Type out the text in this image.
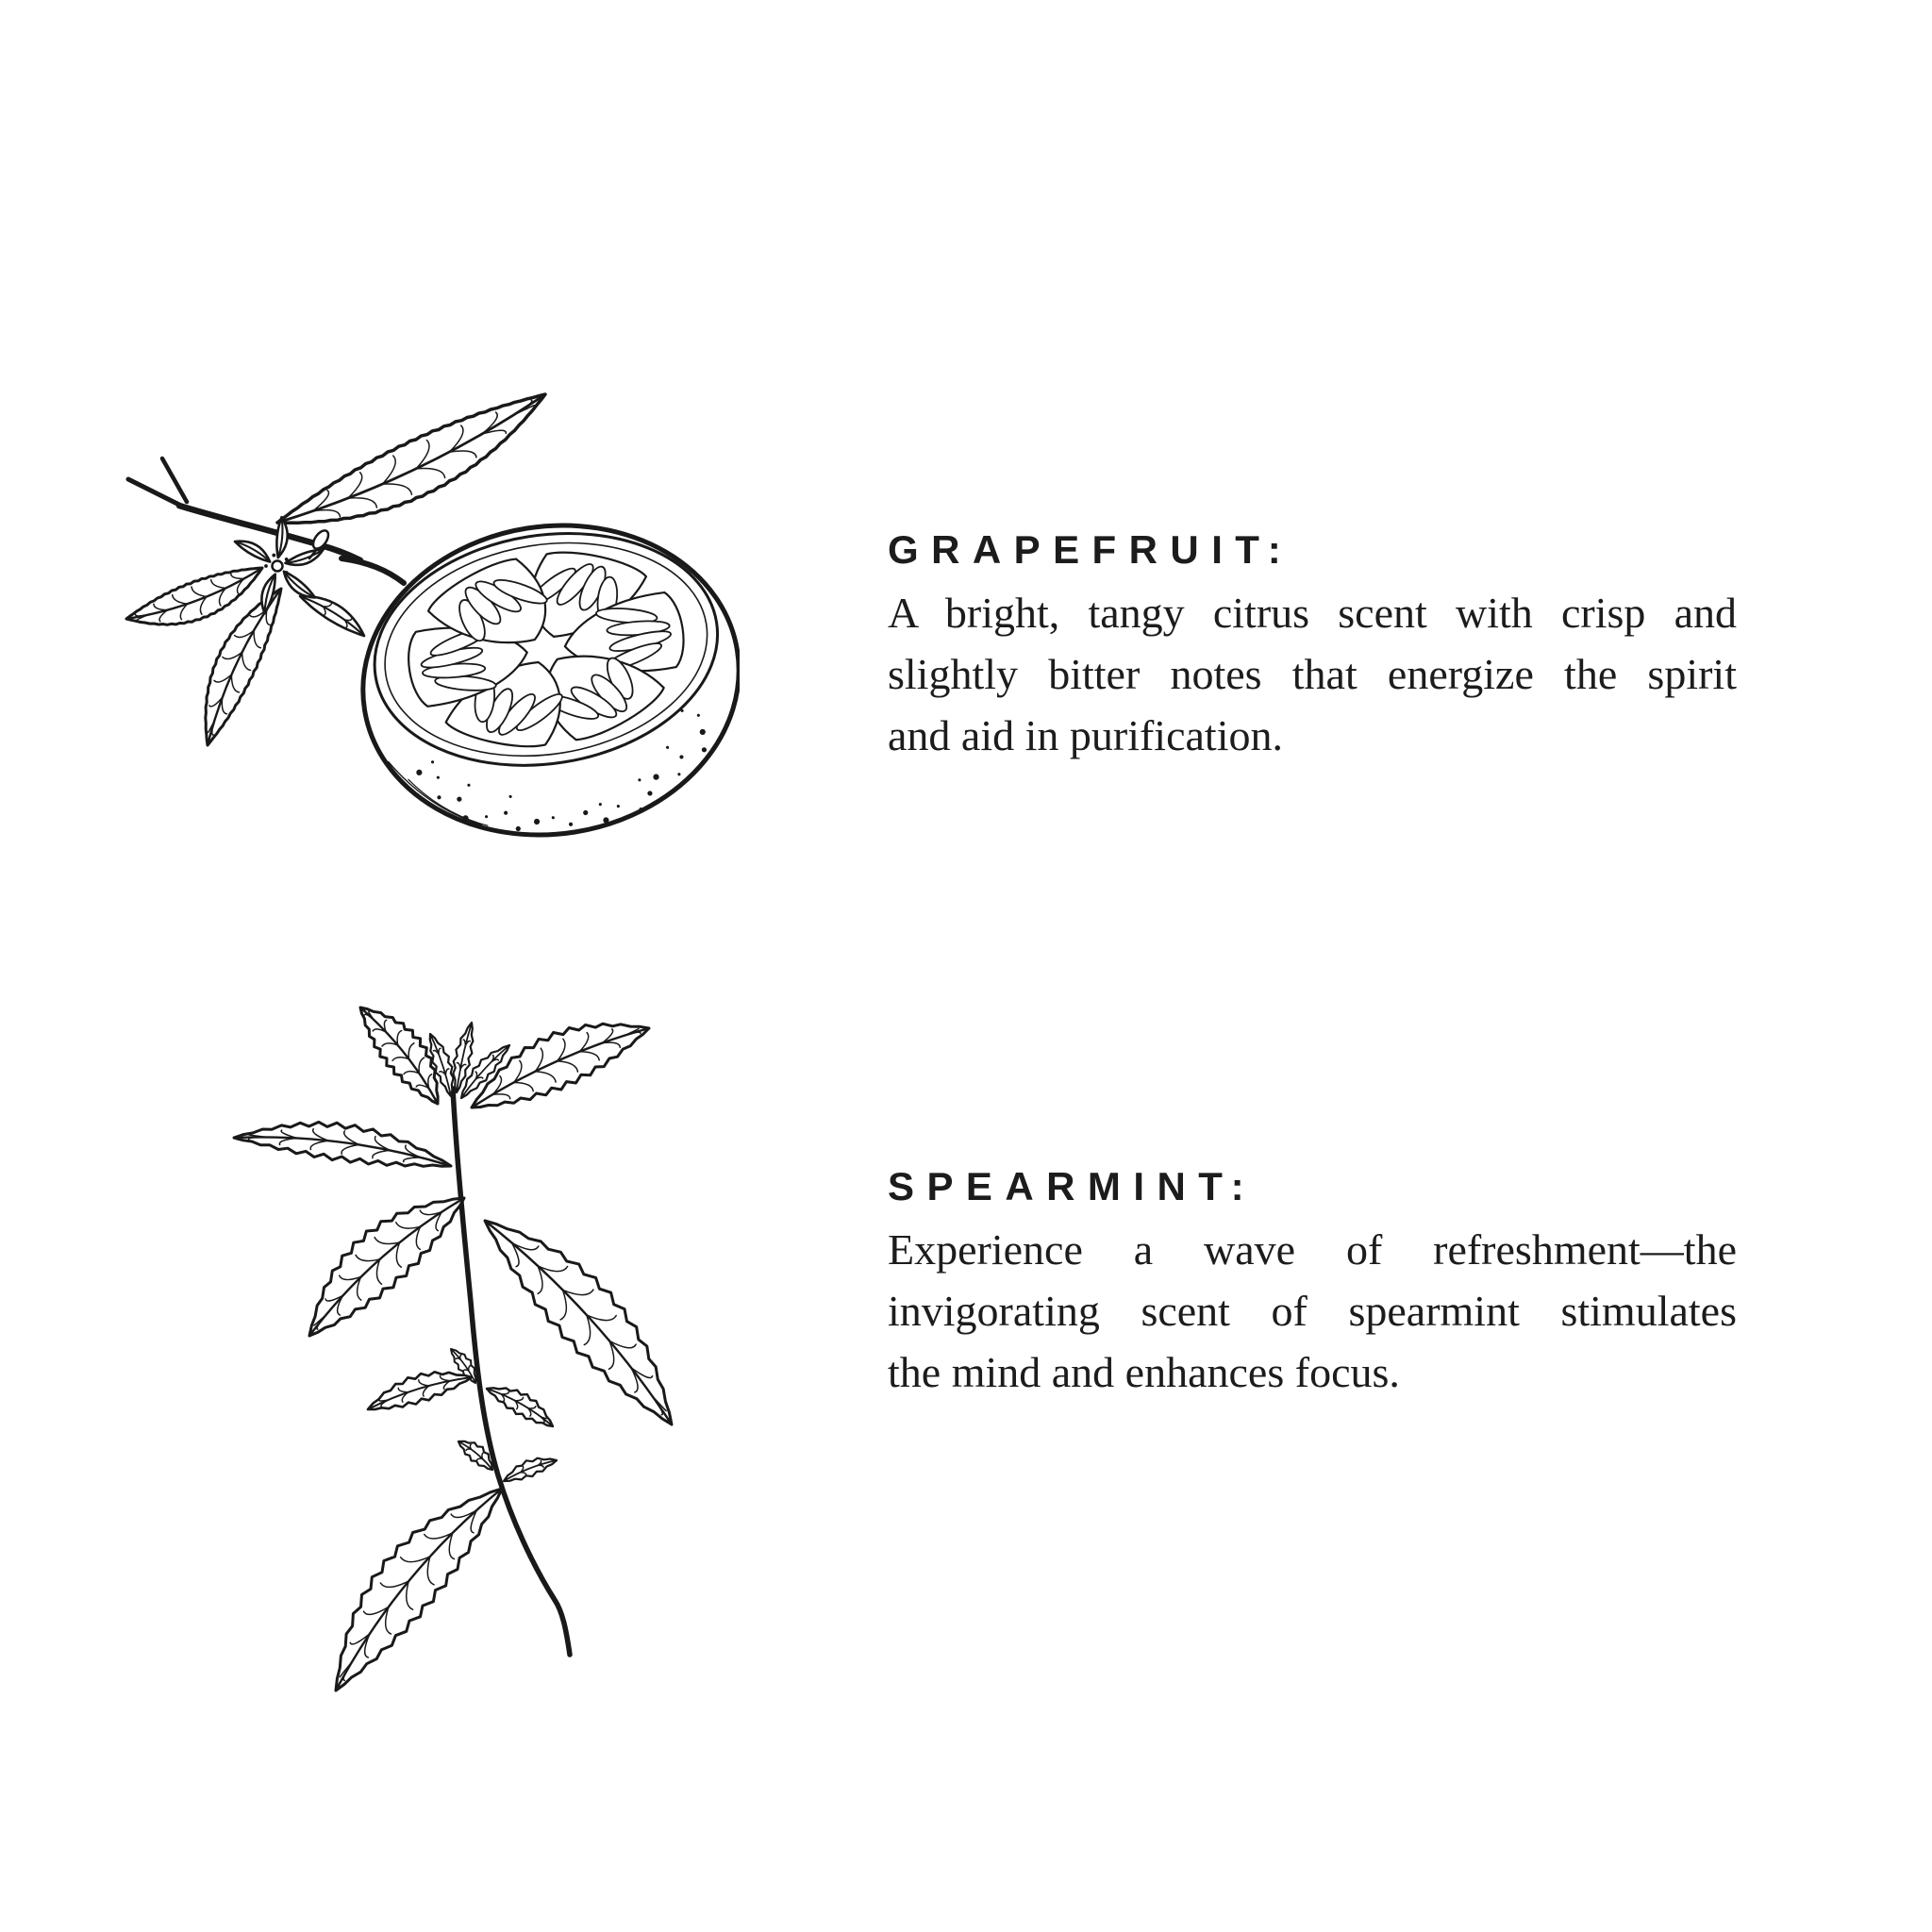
GRAPEFRUIT:
A bright, tangy citrus scent with crisp and
slightly bitter notes that energize the spirit
and aid in purification.
SPEARMINT:
Experience a wave of refreshment—the
invigorating scent of spearmint stimulates
the mind and enhances focus.
